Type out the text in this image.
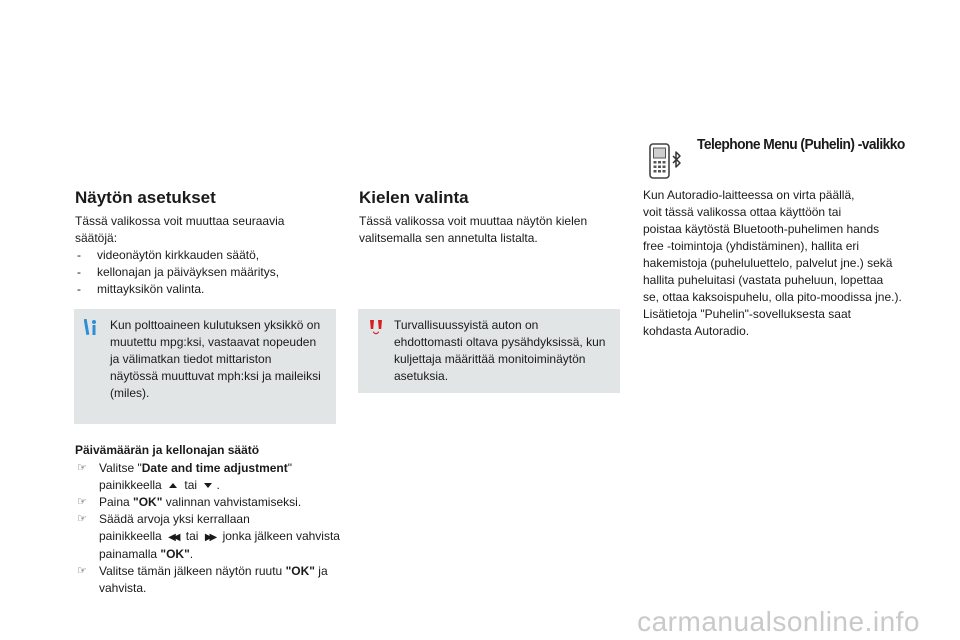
Näytön asetukset
Tässä valikossa voit muuttaa seuraavia
säätöjä:
- videonäytön kirkkauden säätö,
- kellonajan ja päiväyksen määritys,
- mittayksikön valinta.
Kun polttoaineen kulutuksen yksikkö on
muutettu mpg:ksi, vastaavat nopeuden
ja välimatkan tiedot mittariston
näytössä muuttuvat mph:ksi ja maileiksi
(miles).
Päivämäärän ja kellonajan säätö
☞ Valitse "Date and time adjustment"
painikkeella tai .
☞ Paina "OK" valinnan vahvistamiseksi.
☞ Säädä arvoja yksi kerrallaan
painikkeella ◀◀ tai ▶▶ jonka jälkeen vahvista
painamalla "OK".
☞ Valitse tämän jälkeen näytön ruutu "OK" ja
vahvista.
Kielen valinta
Tässä valikossa voit muuttaa näytön kielen
valitsemalla sen annetulta listalta.
Turvallisuussyistä auton on
ehdottomasti oltava pysähdyksissä, kun
kuljettaja määrittää monitoiminäytön
asetuksia.
Telephone Menu (Puhelin) -valikko
Kun Autoradio-laitteessa on virta päällä,
voit tässä valikossa ottaa käyttöön tai
poistaa käytöstä Bluetooth-puhelimen hands
free -toimintoja (yhdistäminen), hallita eri
hakemistoja (puheluluettelo, palvelut jne.) sekä
hallita puheluitasi (vastata puheluun, lopettaa
se, ottaa kaksoispuhelu, olla pito-moodissa jne.).
Lisätietoja "Puhelin"-sovelluksesta saat
kohdasta Autoradio.
carmanualsonline.info
